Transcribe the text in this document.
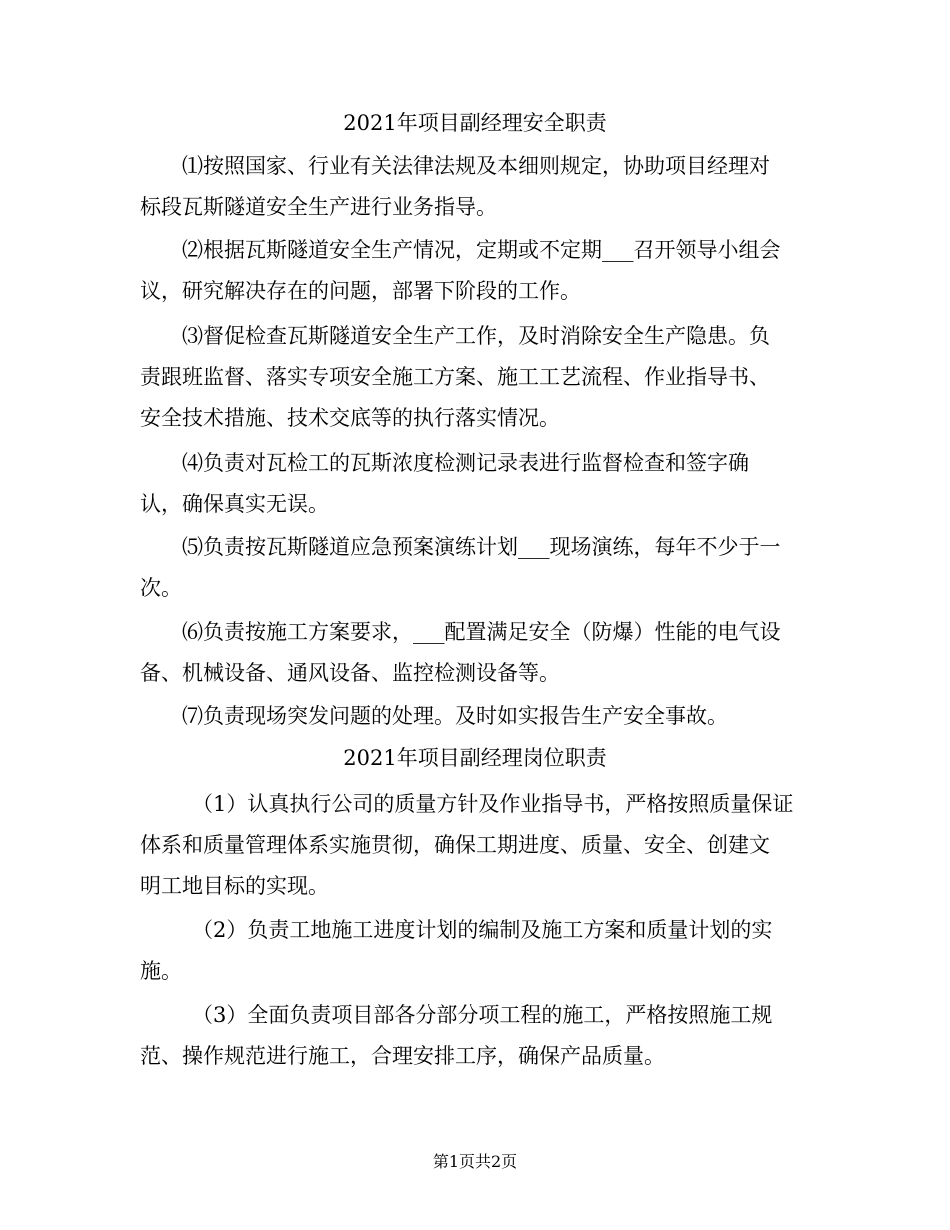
2021年项目副经理安全职责
⑴按照国家、行业有关法律法规及本细则规定，协助项目经理对
标段瓦斯隧道安全生产进行业务指导。
⑵根据瓦斯隧道安全生产情况，定期或不定期___召开领导小组会
议，研究解决存在的问题，部署下阶段的工作。
⑶督促检查瓦斯隧道安全生产工作，及时消除安全生产隐患。负
责跟班监督、落实专项安全施工方案、施工工艺流程、作业指导书、
安全技术措施、技术交底等的执行落实情况。
⑷负责对瓦检工的瓦斯浓度检测记录表进行监督检查和签字确
认，确保真实无误。
⑸负责按瓦斯隧道应急预案演练计划___现场演练，每年不少于一
次。
⑹负责按施工方案要求，___配置满足安全（防爆）性能的电气设
备、机械设备、通风设备、监控检测设备等。
⑺负责现场突发问题的处理。及时如实报告生产安全事故。
2021年项目副经理岗位职责
（1）认真执行公司的质量方针及作业指导书，严格按照质量保证
体系和质量管理体系实施贯彻，确保工期进度、质量、安全、创建文
明工地目标的实现。
（2）负责工地施工进度计划的编制及施工方案和质量计划的实
施。
（3）全面负责项目部各分部分项工程的施工，严格按照施工规
范、操作规范进行施工，合理安排工序，确保产品质量。
第1页共2页
